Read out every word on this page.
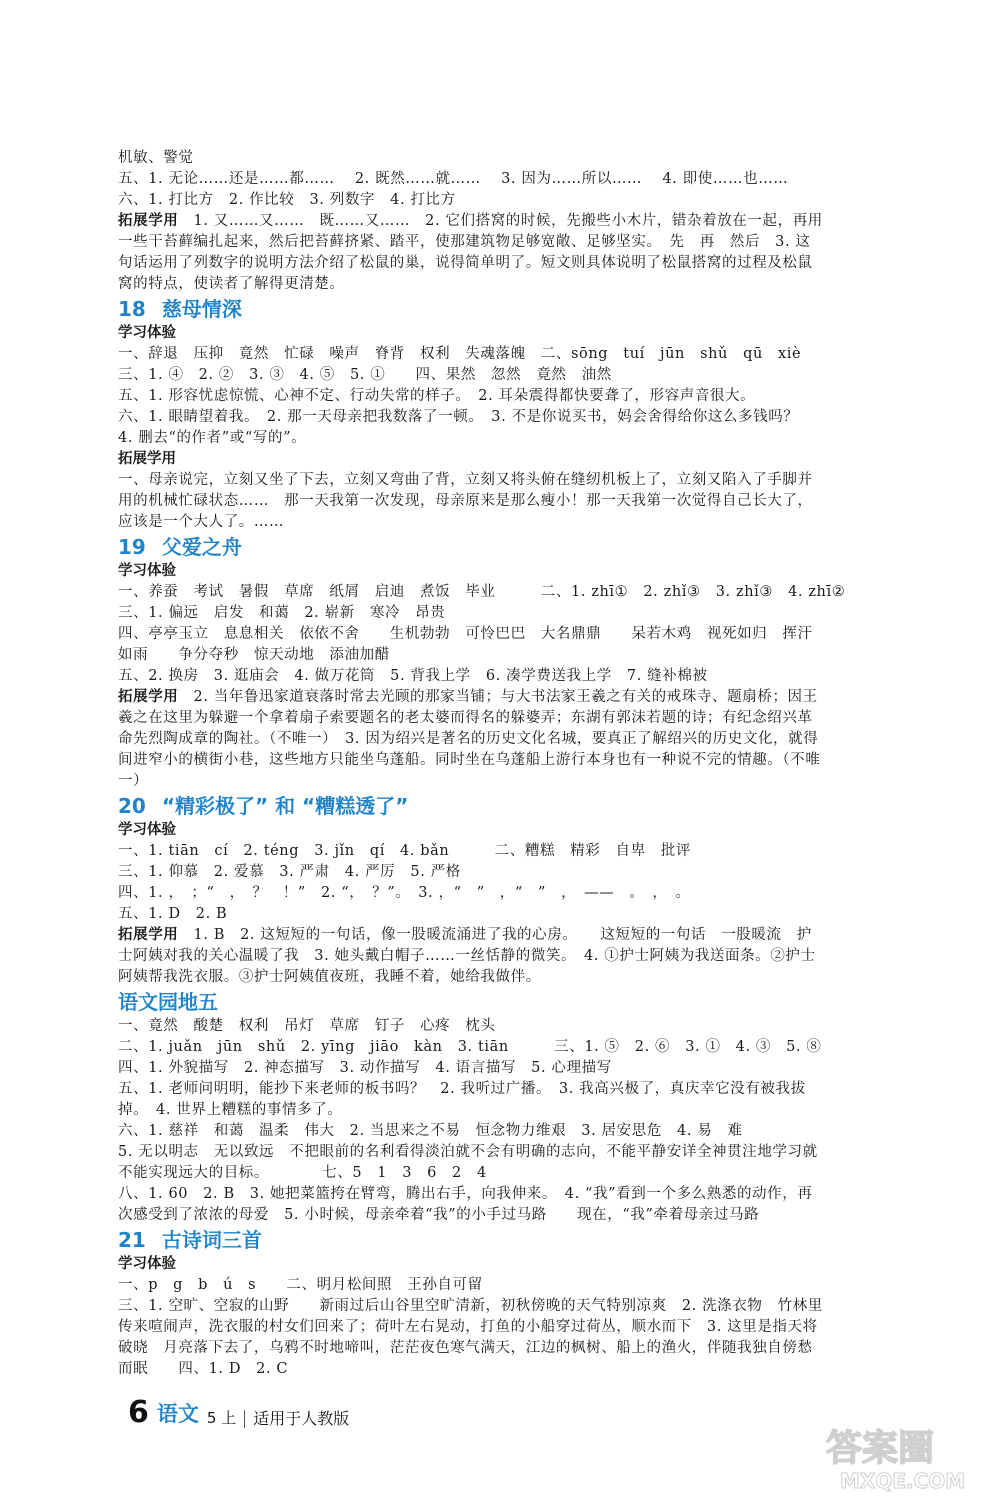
机敏、警觉
五、1. 无论……还是……都……　 2. 既然……就……　 3. 因为……所以……　 4. 即使……也……
六、1. 打比方　2. 作比较　3. 列数字　4. 打比方
拓展学用　1. 又……又……　既……又……　2. 它们搭窝的时候，先搬些小木片，错杂着放在一起，再用
一些干苔藓编扎起来，然后把苔藓挤紧、踏平，使那建筑物足够宽敞、足够坚实。　先　再　然后　3. 这
句话运用了列数字的说明方法介绍了松鼠的巢，说得简单明了。短文则具体说明了松鼠搭窝的过程及松鼠
窝的特点，使读者了解得更清楚。
18 慈母情深
学习体验
一、辞退　压抑　竟然　忙碌　噪声　脊背　权利　失魂落魄　二、sōng　tuí　jūn　shǔ　qū　xiè
三、1. ④　2. ②　3. ③　4. ⑤　5. ①　　四、果然　忽然　竟然　油然
五、1. 形容忧虑惊慌、心神不定、行动失常的样子。　2. 耳朵震得都快要聋了，形容声音很大。
六、1. 眼睛望着我。　2. 那一天母亲把我数落了一顿。　3. 不是你说买书，妈会舍得给你这么多钱吗？
4. 删去“的作者”或“写的”。
拓展学用
一、母亲说完，立刻又坐了下去，立刻又弯曲了背，立刻又将头俯在缝纫机板上了，立刻又陷入了手脚并
用的机械忙碌状态……　那一天我第一次发现，母亲原来是那么瘦小！那一天我第一次觉得自己长大了，
应该是一个大人了。……
19 父爱之舟
学习体验
一、养蚕　考试　暑假　草席　纸屑　启迪　煮饭　毕业　　　二、1. zhī①　2. zhǐ③　3. zhǐ③　4. zhī②
三、1. 偏远　启发　和蔼　2. 崭新　寒冷　昂贵
四、亭亭玉立　息息相关　依依不舍　　生机勃勃　可怜巴巴　大名鼎鼎　　呆若木鸡　视死如归　挥汗
如雨　　争分夺秒　惊天动地　添油加醋
五、2. 换房　3. 逛庙会　4. 做万花筒　5. 背我上学　6. 凑学费送我上学　7. 缝补棉被
拓展学用　2. 当年鲁迅家道衰落时常去光顾的那家当铺；与大书法家王羲之有关的戒珠寺、题扇桥；因王
羲之在这里为躲避一个拿着扇子索要题名的老太婆而得名的躲婆弄；东湖有郭沫若题的诗；有纪念绍兴革
命先烈陶成章的陶社。（不唯一）　3. 因为绍兴是著名的历史文化名城，要真正了解绍兴的历史文化，就得
间进窄小的横街小巷，这些地方只能坐乌蓬船。同时坐在乌蓬船上游行本身也有一种说不完的情趣。（不唯
一）
20 “精彩极了” 和 “糟糕透了”
学习体验
一、1. tiān　cí　2. téng　3. jǐn　qí　4. bǎn　　　二、糟糕　精彩　自卑　批评
三、1. 仰慕　2. 爱慕　3. 严肃　4. 严厉　5. 严格
四、1. ，　；“　，　？　！”　2. “，　？”。　3. ，“　”　，“　”　，　——　。　，　。
五、1. D　2. B
拓展学用　1. B　2. 这短短的一句话，像一股暖流涌进了我的心房。　　这短短的一句话　一股暖流　护
士阿姨对我的关心温暖了我　3. 她头戴白帽子……一丝恬静的微笑。　4. ①护士阿姨为我送面条。②护士
阿姨帮我洗衣服。③护士阿姨值夜班，我睡不着，她给我做伴。
语文园地五
一、竟然　酸楚　权利　吊灯　草席　钉子　心疼　枕头
二、1. juǎn　jūn　shǔ　2. yīng　jiāo　kàn　3. tiān　　　三、1. ⑤　2. ⑥　3. ①　4. ③　5. ⑧
四、1. 外貌描写　2. 神态描写　3. 动作描写　4. 语言描写　5. 心理描写
五、1. 老师问明明，能抄下来老师的板书吗？　2. 我听过广播。　3. 我高兴极了，真庆幸它没有被我拔
掉。　4. 世界上糟糕的事情多了。
六、1. 慈祥　和蔼　温柔　伟大　2. 当思来之不易　恒念物力维艰　3. 居安思危　4. 易　难
5. 无以明志　无以致远　不把眼前的名利看得淡泊就不会有明确的志向，不能平静安详全神贯注地学习就
不能实现远大的目标。　　　　七、5　1　3　6　2　4
八、1. 60　2. B　3. 她把菜篮挎在臂弯，腾出右手，向我伸来。　4. “我”看到一个多么熟悉的动作，再
次感受到了浓浓的母爱　5. 小时候，母亲牵着“我”的小手过马路　　现在，“我”牵着母亲过马路
21 古诗词三首
学习体验
一、p　g　b　ú　s　　二、明月松间照　王孙自可留
三、1. 空旷、空寂的山野　　新雨过后山谷里空旷清新，初秋傍晚的天气特别凉爽　2. 洗涤衣物　竹林里
传来喧闹声，洗衣服的村女们回来了；荷叶左右晃动，打鱼的小船穿过荷丛，顺水而下　3. 这里是指天将
破晓　月亮落下去了，乌鸦不时地啼叫，茫茫夜色寒气满天，江边的枫树、船上的渔火，伴随我独自傍愁
而眠　　四、1. D　2. C
6 语文 5 上	适用于人教版
答案圈
MXQE.COM
